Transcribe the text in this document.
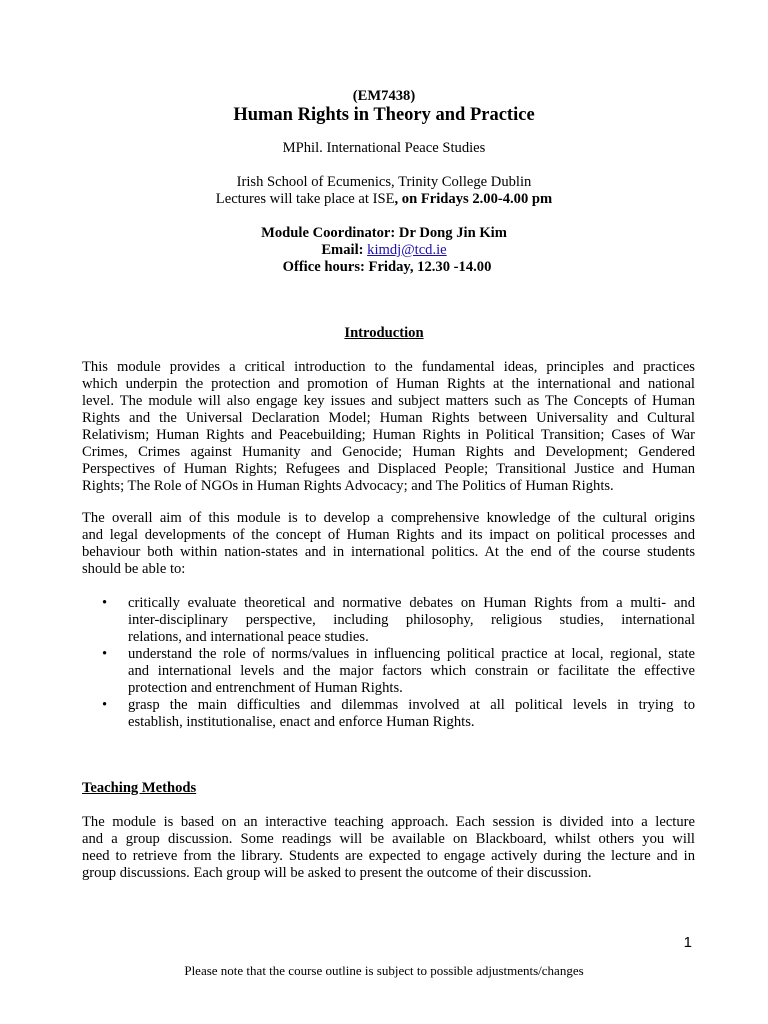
(EM7438)
Human Rights in Theory and Practice
MPhil. International Peace Studies
Irish School of Ecumenics, Trinity College Dublin
Lectures will take place at ISE, on Fridays 2.00-4.00 pm
Module Coordinator: Dr Dong Jin Kim
Email: kimdj@tcd.ie
Office hours: Friday, 12.30 -14.00
Introduction
This module provides a critical introduction to the fundamental ideas, principles and practices
which underpin the protection and promotion of Human Rights at the international and national
level. The module will also engage key issues and subject matters such as The Concepts of Human
Rights and the Universal Declaration Model; Human Rights between Universality and Cultural
Relativism; Human Rights and Peacebuilding; Human Rights in Political Transition; Cases of War
Crimes, Crimes against Humanity and Genocide; Human Rights and Development; Gendered
Perspectives of Human Rights; Refugees and Displaced People; Transitional Justice and Human
Rights; The Role of NGOs in Human Rights Advocacy; and The Politics of Human Rights.
The overall aim of this module is to develop a comprehensive knowledge of the cultural origins
and legal developments of the concept of Human Rights and its impact on political processes and
behaviour both within nation-states and in international politics. At the end of the course students
should be able to:
• critically evaluate theoretical and normative debates on Human Rights from a multi- and
inter-disciplinary perspective, including philosophy, religious studies, international
relations, and international peace studies.
• understand the role of norms/values in influencing political practice at local, regional, state
and international levels and the major factors which constrain or facilitate the effective
protection and entrenchment of Human Rights.
• grasp the main difficulties and dilemmas involved at all political levels in trying to
establish, institutionalise, enact and enforce Human Rights.
Teaching Methods
The module is based on an interactive teaching approach. Each session is divided into a lecture
and a group discussion. Some readings will be available on Blackboard, whilst others you will
need to retrieve from the library. Students are expected to engage actively during the lecture and in
group discussions. Each group will be asked to present the outcome of their discussion.
1
Please note that the course outline is subject to possible adjustments/changes
